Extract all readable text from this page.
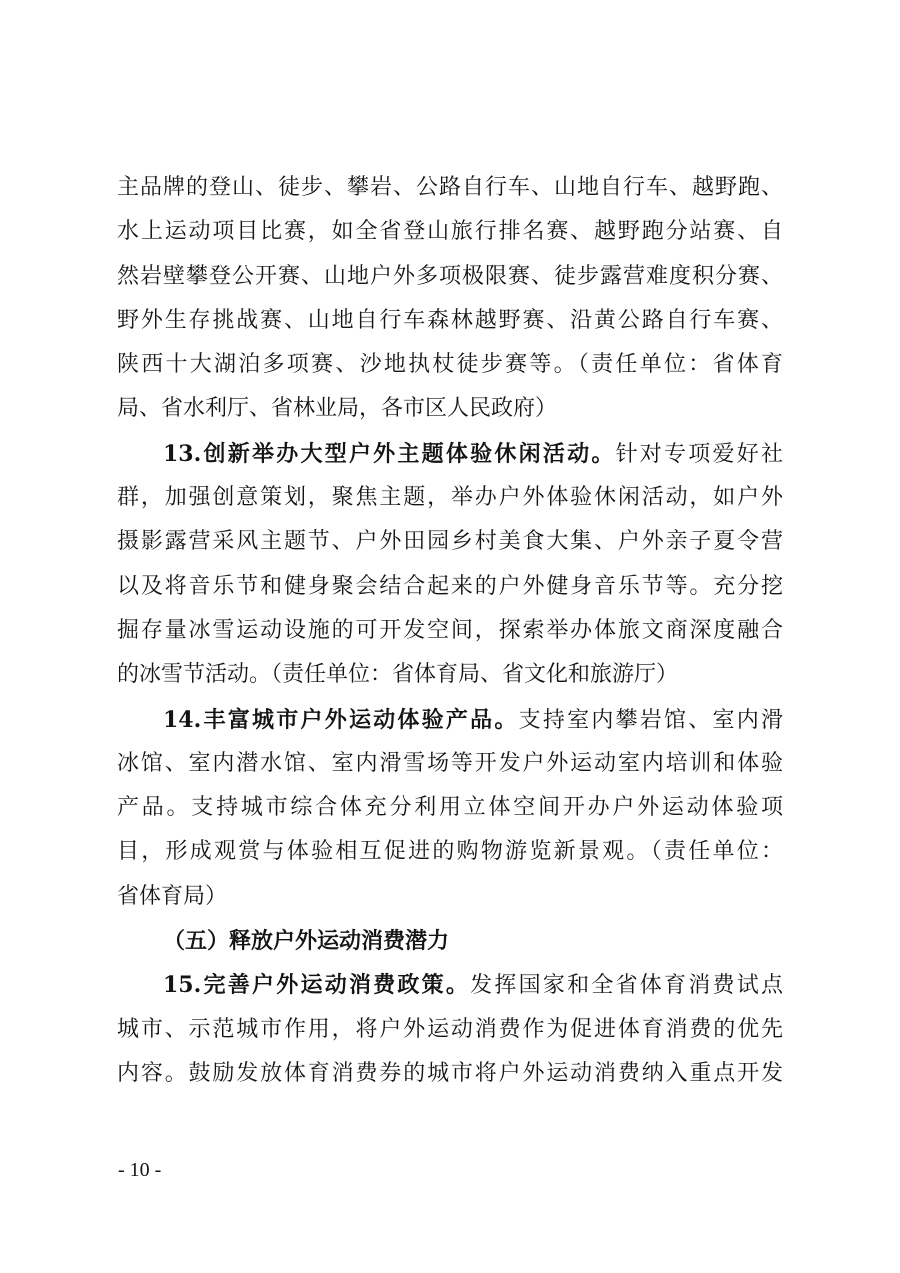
主品牌的登山、徒步、攀岩、公路自行车、山地自行车、越野跑、
水上运动项目比赛，如全省登山旅行排名赛、越野跑分站赛、自
然岩壁攀登公开赛、山地户外多项极限赛、徒步露营难度积分赛、
野外生存挑战赛、山地自行车森林越野赛、沿黄公路自行车赛、
陕西十大湖泊多项赛、沙地执杖徒步赛等。（责任单位：省体育
局、省水利厅、省林业局，各市区人民政府）
13.创新举办大型户外主题体验休闲活动。针对专项爱好社
群，加强创意策划，聚焦主题，举办户外体验休闲活动，如户外
摄影露营采风主题节、户外田园乡村美食大集、户外亲子夏令营
以及将音乐节和健身聚会结合起来的户外健身音乐节等。充分挖
掘存量冰雪运动设施的可开发空间，探索举办体旅文商深度融合
的冰雪节活动。（责任单位：省体育局、省文化和旅游厅）
14.丰富城市户外运动体验产品。支持室内攀岩馆、室内滑
冰馆、室内潜水馆、室内滑雪场等开发户外运动室内培训和体验
产品。支持城市综合体充分利用立体空间开办户外运动体验项
目，形成观赏与体验相互促进的购物游览新景观。（责任单位：
省体育局）
（五）释放户外运动消费潜力
15.完善户外运动消费政策。发挥国家和全省体育消费试点
城市、示范城市作用，将户外运动消费作为促进体育消费的优先
内容。鼓励发放体育消费券的城市将户外运动消费纳入重点开发
- 10 -
